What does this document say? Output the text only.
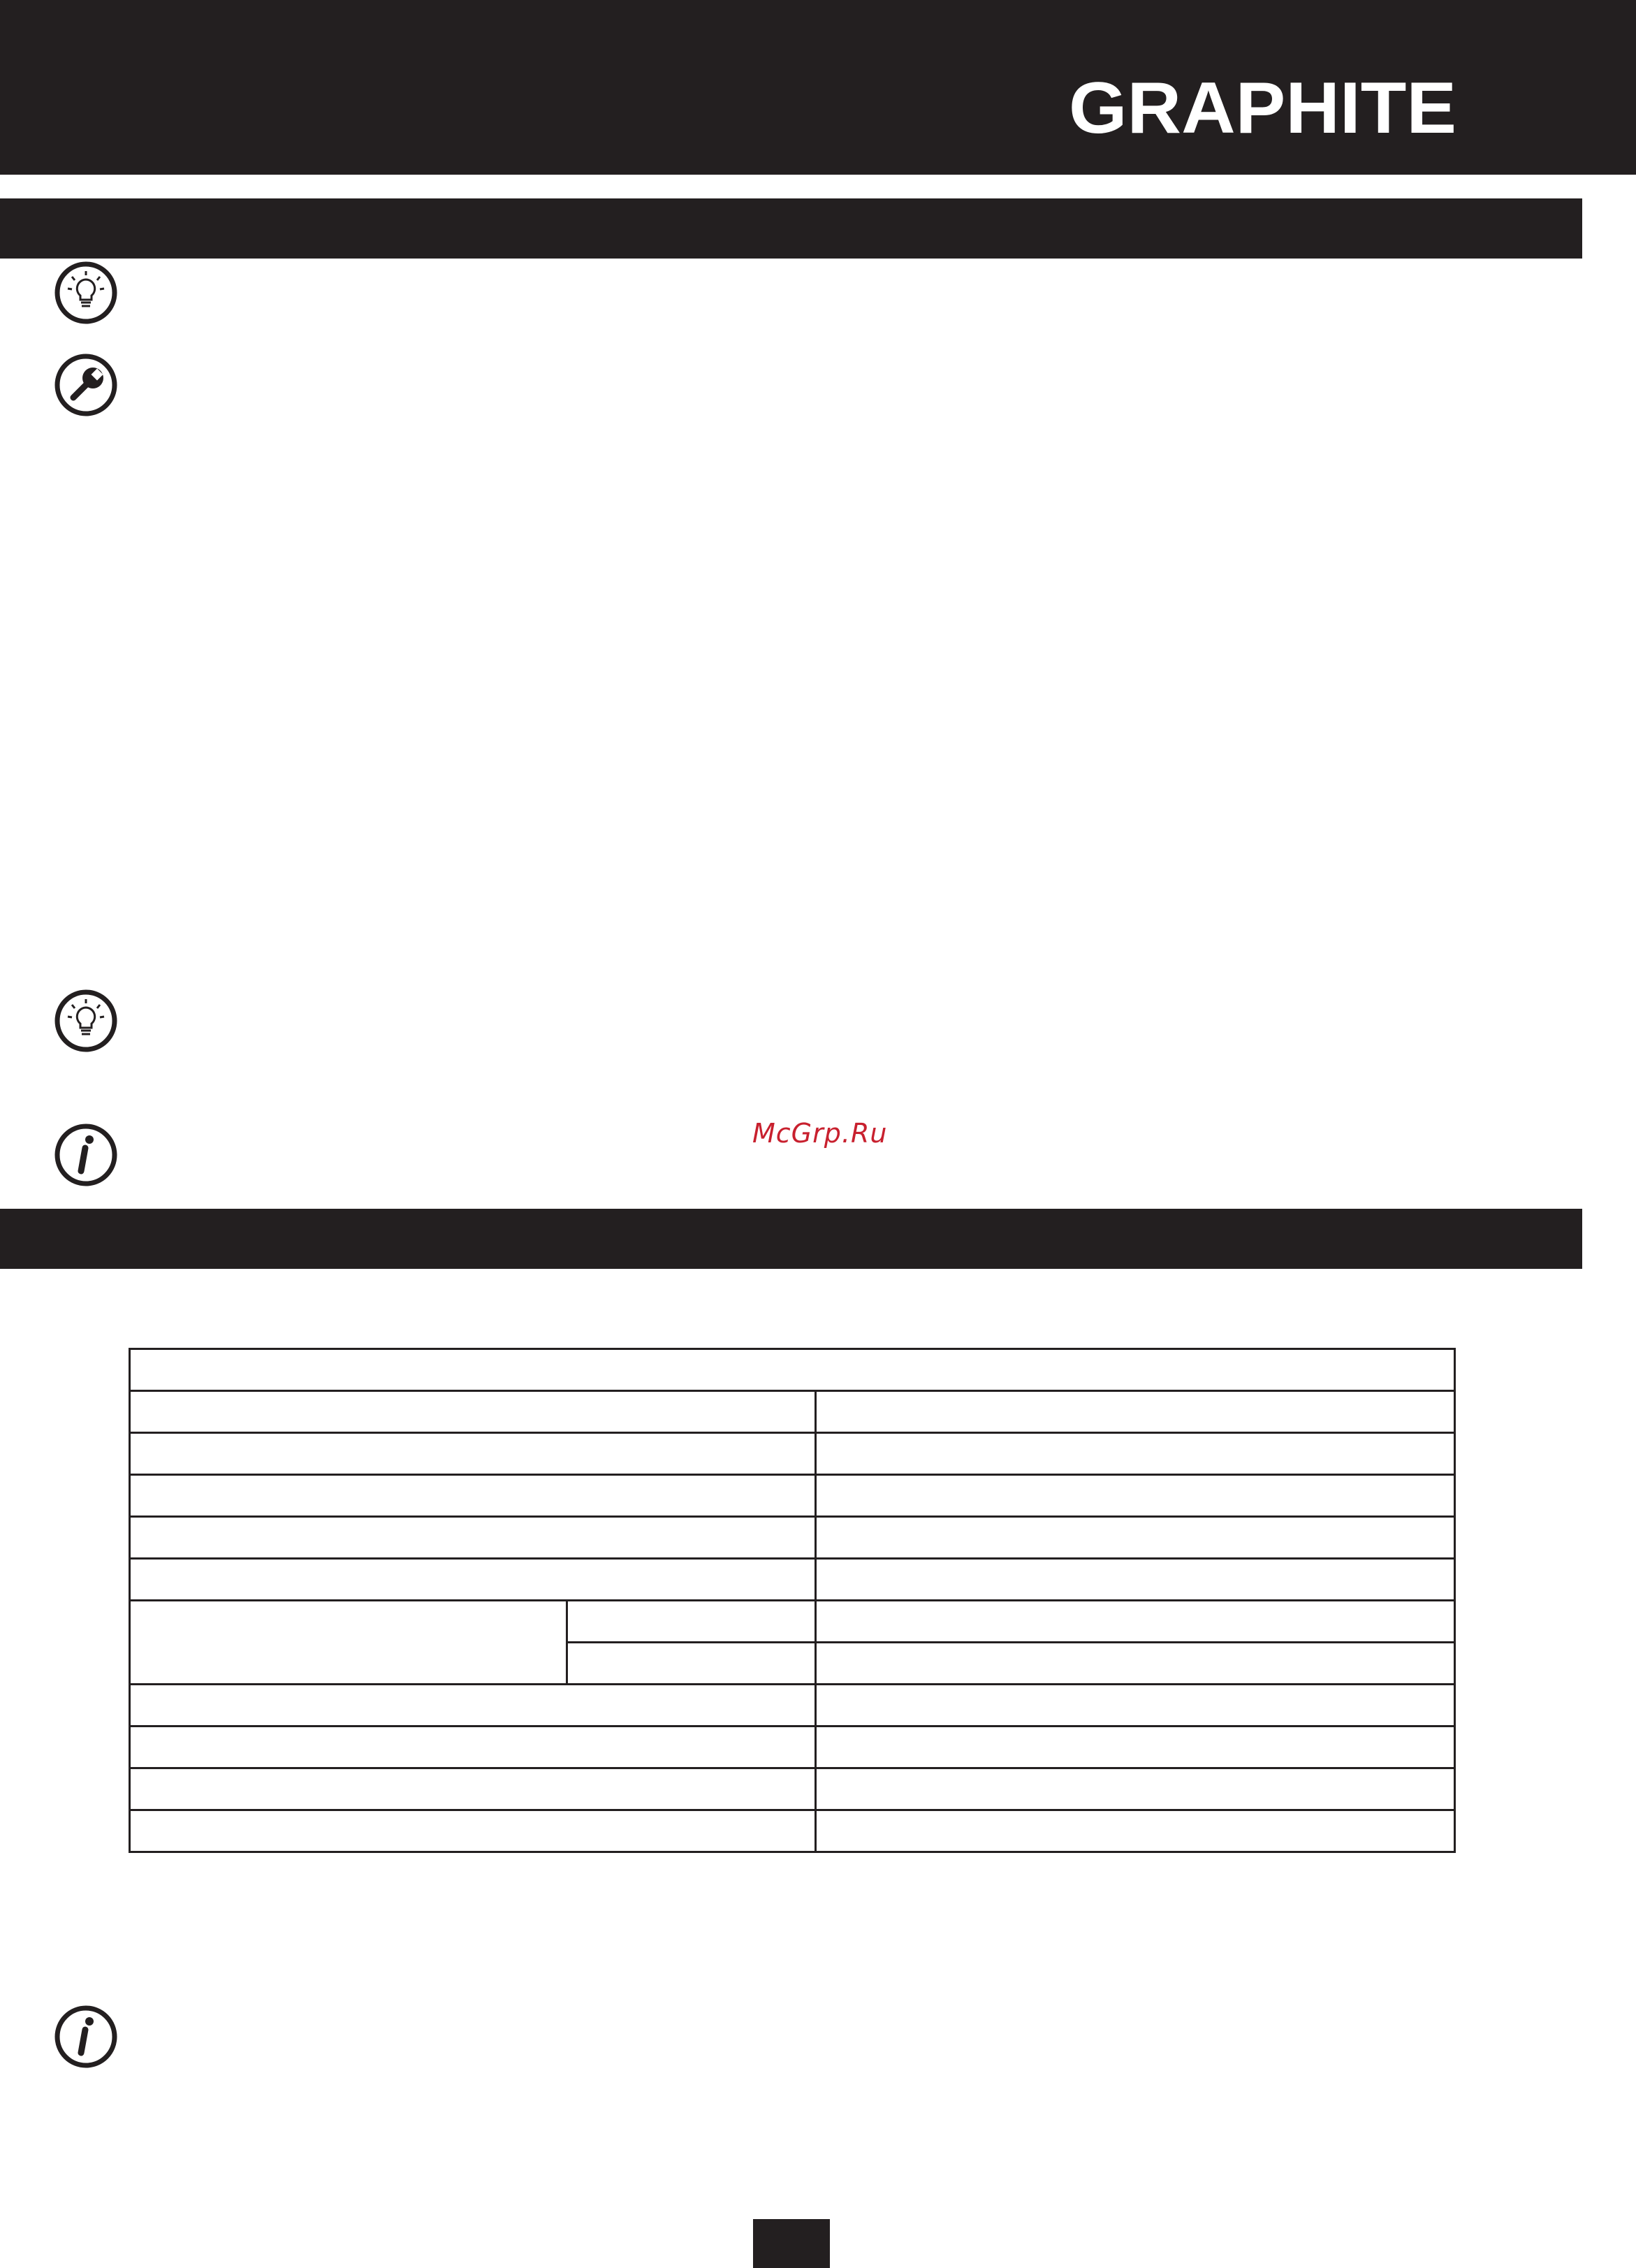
GRAPHITE
McGrp.Ru
